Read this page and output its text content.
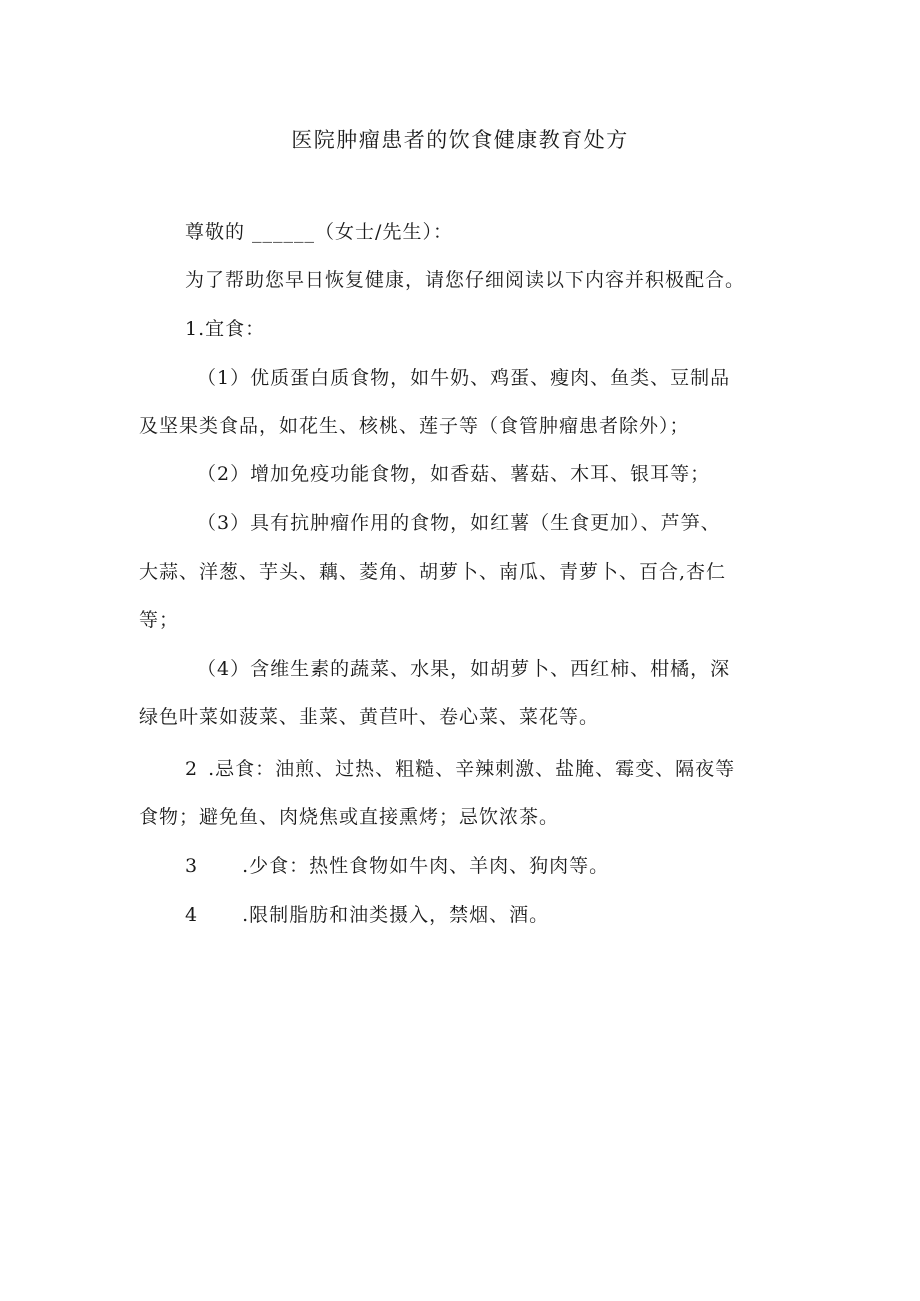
医院肿瘤患者的饮食健康教育处方
尊敬的 ______（女士/先生）：
为了帮助您早日恢复健康，请您仔细阅读以下内容并积极配合。
1.宜食：
（1）优质蛋白质食物，如牛奶、鸡蛋、瘦肉、鱼类、豆制品
及坚果类食品，如花生、核桃、莲子等（食管肿瘤患者除外）；
（2）增加免疫功能食物，如香菇、薯菇、木耳、银耳等；
（3）具有抗肿瘤作用的食物，如红薯（生食更加）、芦笋、
大蒜、洋葱、芋头、藕、菱角、胡萝卜、南瓜、青萝卜、百合,杏仁
等；
（4）含维生素的蔬菜、水果，如胡萝卜、西红柿、柑橘，深
绿色叶菜如菠菜、韭菜、黄苣叶、卷心菜、菜花等。
2 .忌食：油煎、过热、粗糙、辛辣刺激、盐腌、霉变、隔夜等
食物；避免鱼、肉烧焦或直接熏烤；忌饮浓茶。
3 .少食：热性食物如牛肉、羊肉、狗肉等。
4 .限制脂肪和油类摄入，禁烟、酒。
